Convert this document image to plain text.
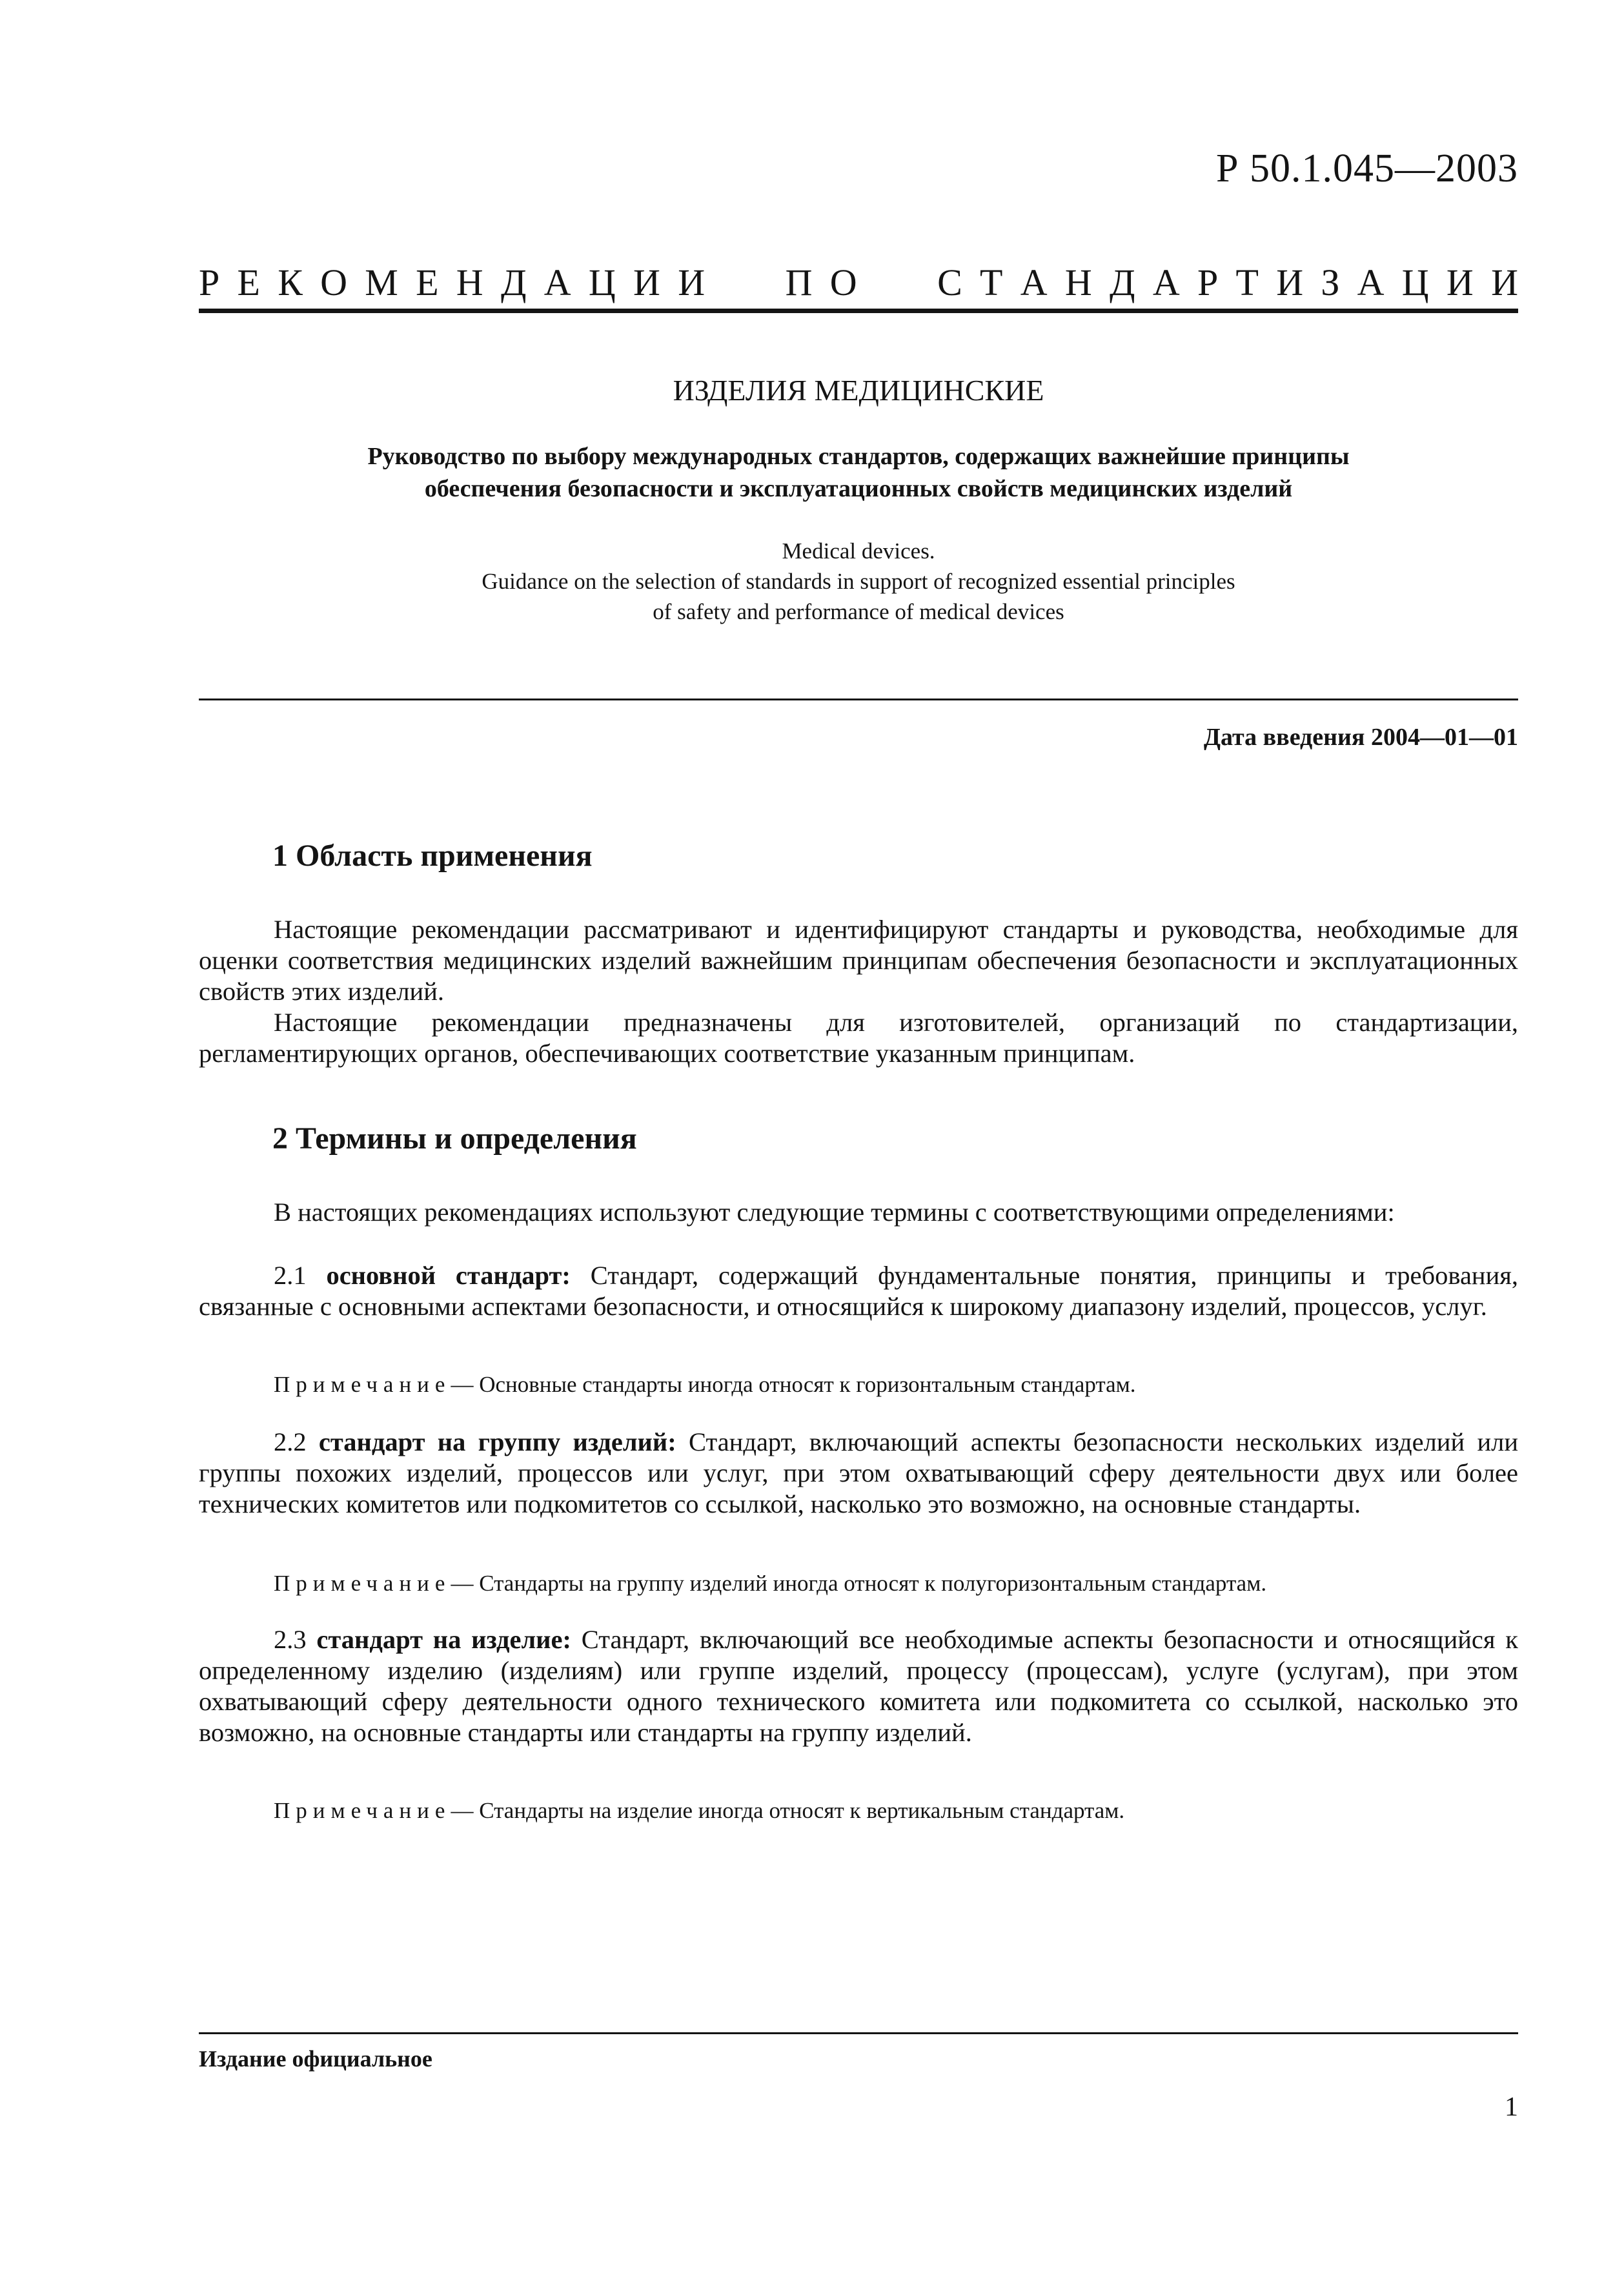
Р 50.1.045—2003
Р Е К О М Е Н Д А Ц И И П О С Т А Н Д А Р Т И З А Ц И И
ИЗДЕЛИЯ МЕДИЦИНСКИЕ
Руководство по выбору международных стандартов, содержащих важнейшие принципы
обеспечения безопасности и эксплуатационных свойств медицинских изделий
Medical devices.
Guidance on the selection of standards in support of recognized essential principles
of safety and performance of medical devices
Дата введения 2004—01—01
1 Область применения

Настоящие рекомендации рассматривают и идентифицируют стандарты и руководства, необходимые для оценки соответствия медицинских изделий важнейшим принципам обеспечения безопасности и эксплуатационных свойств этих изделий.

Настоящие рекомендации предназначены для изготовителей, организаций по стандартизации, регламентирующих органов, обеспечивающих соответствие указанным принципам.

2 Термины и определения

В настоящих рекомендациях используют следующие термины с соответствующими определениями:

2.1 основной стандарт: Стандарт, содержащий фундаментальные понятия, принципы и требования, связанные с основными аспектами безопасности, и относящийся к широкому диапазону изделий, процессов, услуг.

Примечание— Основные стандарты иногда относят к горизонтальным стандартам.

2.2 стандарт на группу изделий: Стандарт, включающий аспекты безопасности нескольких изделий или группы похожих изделий, процессов или услуг, при этом охватывающий сферу деятельности двух или более технических комитетов или подкомитетов со ссылкой, насколько это возможно, на основные стандарты.

Примечание— Стандарты на группу изделий иногда относят к полугоризонтальным стандартам.

2.3 стандарт на изделие: Стандарт, включающий все необходимые аспекты безопасности и относящийся к определенному изделию (изделиям) или группе изделий, процессу (процессам), услуге (услугам), при этом охватывающий сферу деятельности одного технического комитета или подкомитета со ссылкой, насколько это возможно, на основные стандарты или стандарты на группу изделий.

Примечание— Стандарты на изделие иногда относят к вертикальным стандартам.
Издание официальное
1
